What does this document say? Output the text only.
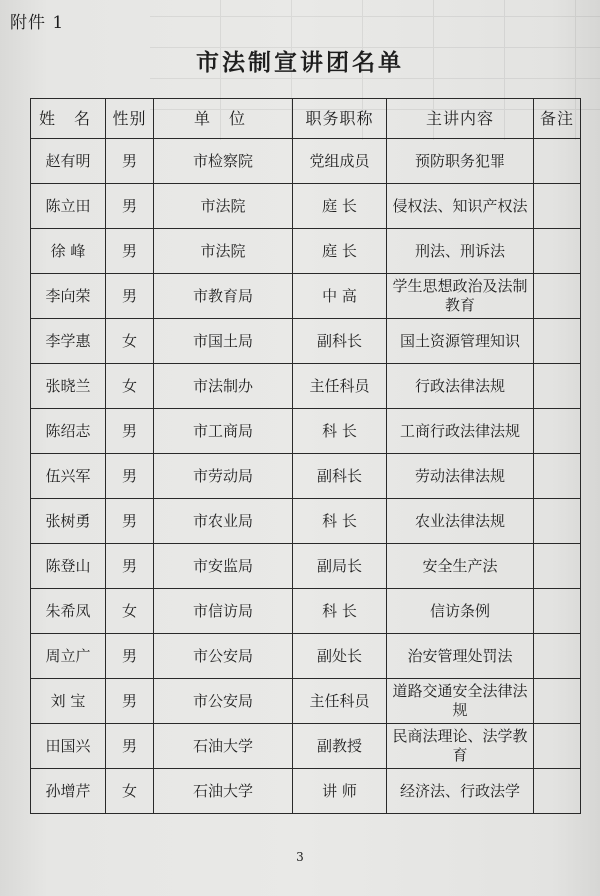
附件 1
市法制宣讲团名单
姓 名	性别	单 位	职务职称	主讲内容	备注
赵有明	男	市检察院	党组成员	预防职务犯罪	
陈立田	男	市法院	庭 长	侵权法、知识产权法	
徐 峰	男	市法院	庭 长	刑法、刑诉法	
李向荣	男	市教育局	中 高	学生思想政治及法制教育	
李学惠	女	市国土局	副科长	国土资源管理知识	
张晓兰	女	市法制办	主任科员	行政法律法规	
陈绍志	男	市工商局	科 长	工商行政法律法规	
伍兴军	男	市劳动局	副科长	劳动法律法规	
张树勇	男	市农业局	科 长	农业法律法规	
陈登山	男	市安监局	副局长	安全生产法	
朱希凤	女	市信访局	科 长	信访条例	
周立广	男	市公安局	副处长	治安管理处罚法	
刘 宝	男	市公安局	主任科员	道路交通安全法律法规	
田国兴	男	石油大学	副教授	民商法理论、法学教育	
孙增芹	女	石油大学	讲 师	经济法、行政法学	
3
